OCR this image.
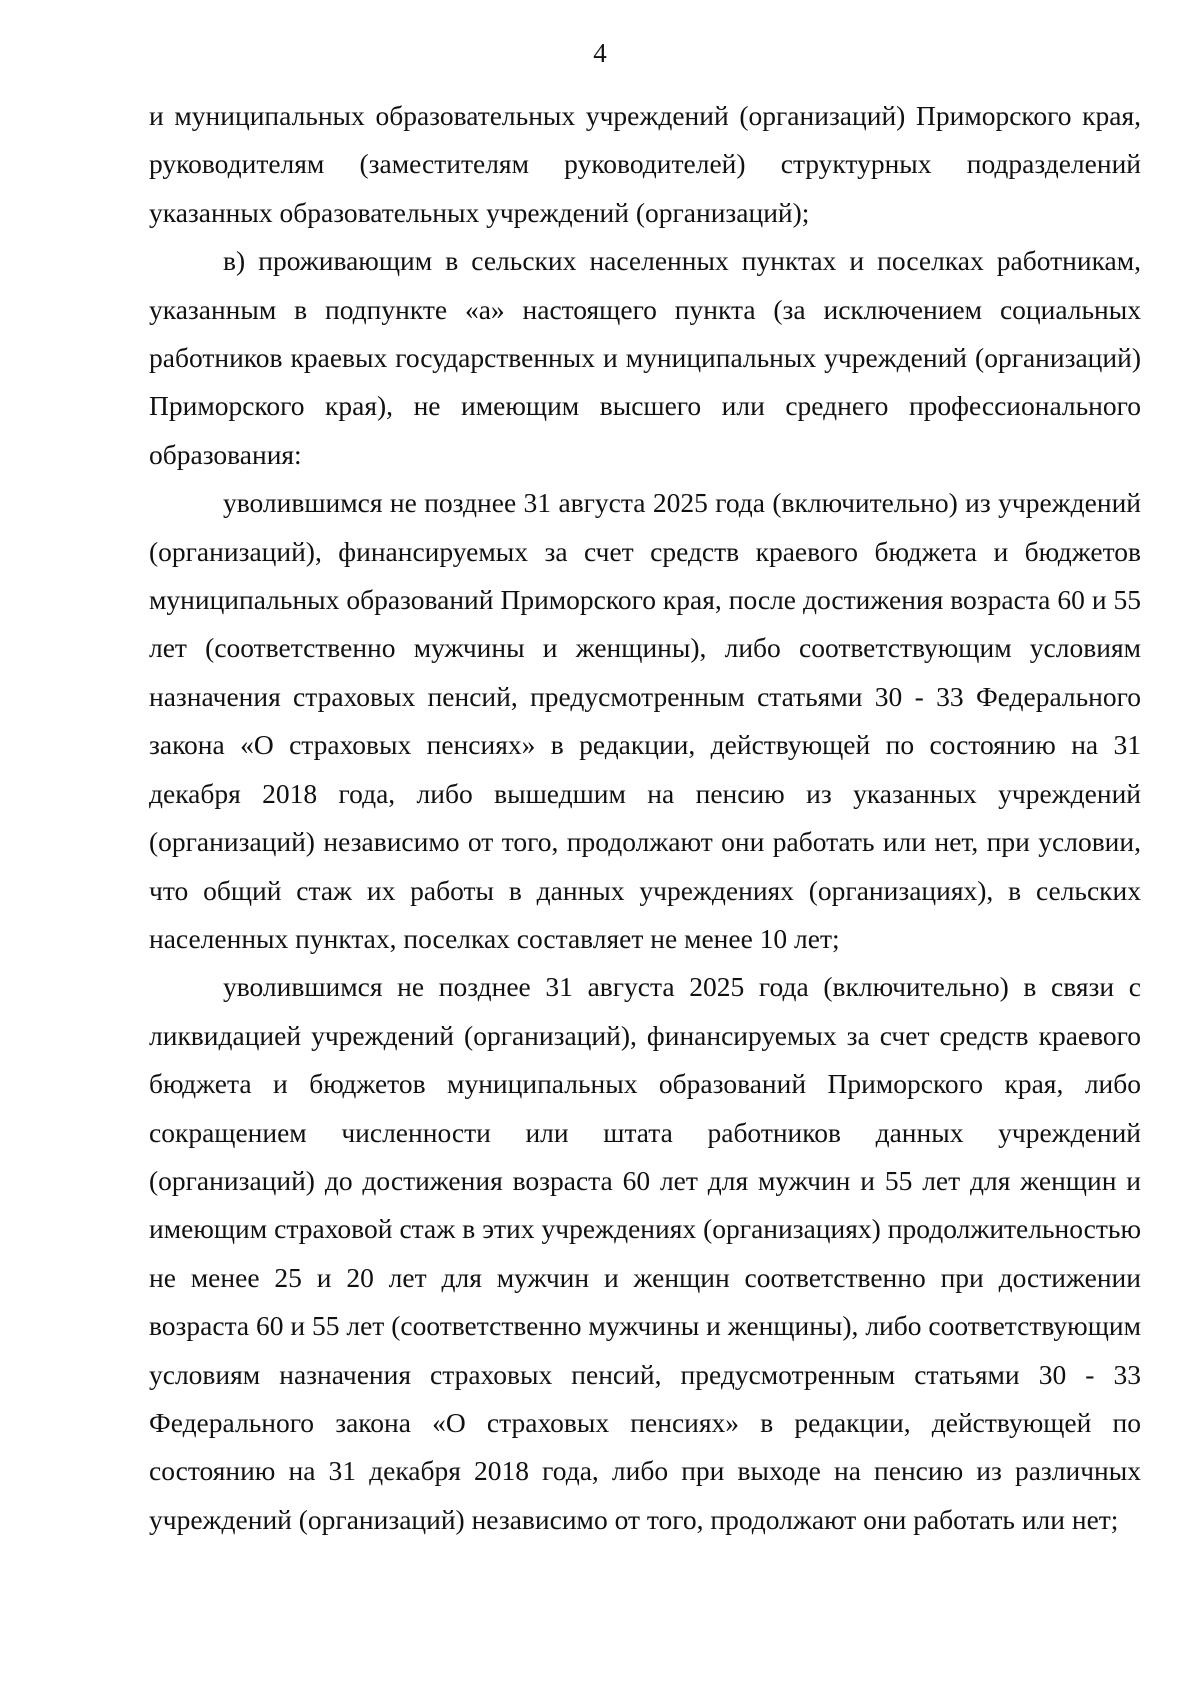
4

и муниципальных образовательных учреждений (организаций) Приморского края, руководителям (заместителям руководителей) структурных подразделений указанных образовательных учреждений (организаций);

в) проживающим в сельских населенных пунктах и поселках работникам, указанным в подпункте «а» настоящего пункта (за исключением социальных работников краевых государственных и муниципальных учреждений (организаций) Приморского края), не имеющим высшего или среднего профессионального образования:

уволившимся не позднее 31 августа 2025 года (включительно) из учреждений (организаций), финансируемых за счет средств краевого бюджета и бюджетов муниципальных образований Приморского края, после достижения возраста 60 и 55 лет (соответственно мужчины и женщины), либо соответствующим условиям назначения страховых пенсий, предусмотренным статьями 30 - 33 Федерального закона «О страховых пенсиях» в редакции, действующей по состоянию на 31 декабря 2018 года, либо вышедшим на пенсию из указанных учреждений (организаций) независимо от того, продолжают они работать или нет, при условии, что общий стаж их работы в данных учреждениях (организациях), в сельских населенных пунктах, поселках составляет не менее 10 лет;

уволившимся не позднее 31 августа 2025 года (включительно) в связи с ликвидацией учреждений (организаций), финансируемых за счет средств краевого бюджета и бюджетов муниципальных образований Приморского края, либо сокращением численности или штата работников данных учреждений (организаций) до достижения возраста 60 лет для мужчин и 55 лет для женщин и имеющим страховой стаж в этих учреждениях (организациях) продолжительностью не менее 25 и 20 лет для мужчин и женщин соответственно при достижении возраста 60 и 55 лет (соответственно мужчины и женщины), либо соответствующим условиям назначения страховых пенсий, предусмотренным статьями 30 - 33 Федерального закона «О страховых пенсиях» в редакции, действующей по состоянию на 31 декабря 2018 года, либо при выходе на пенсию из различных учреждений (организаций) независимо от того, продолжают они работать или нет;
